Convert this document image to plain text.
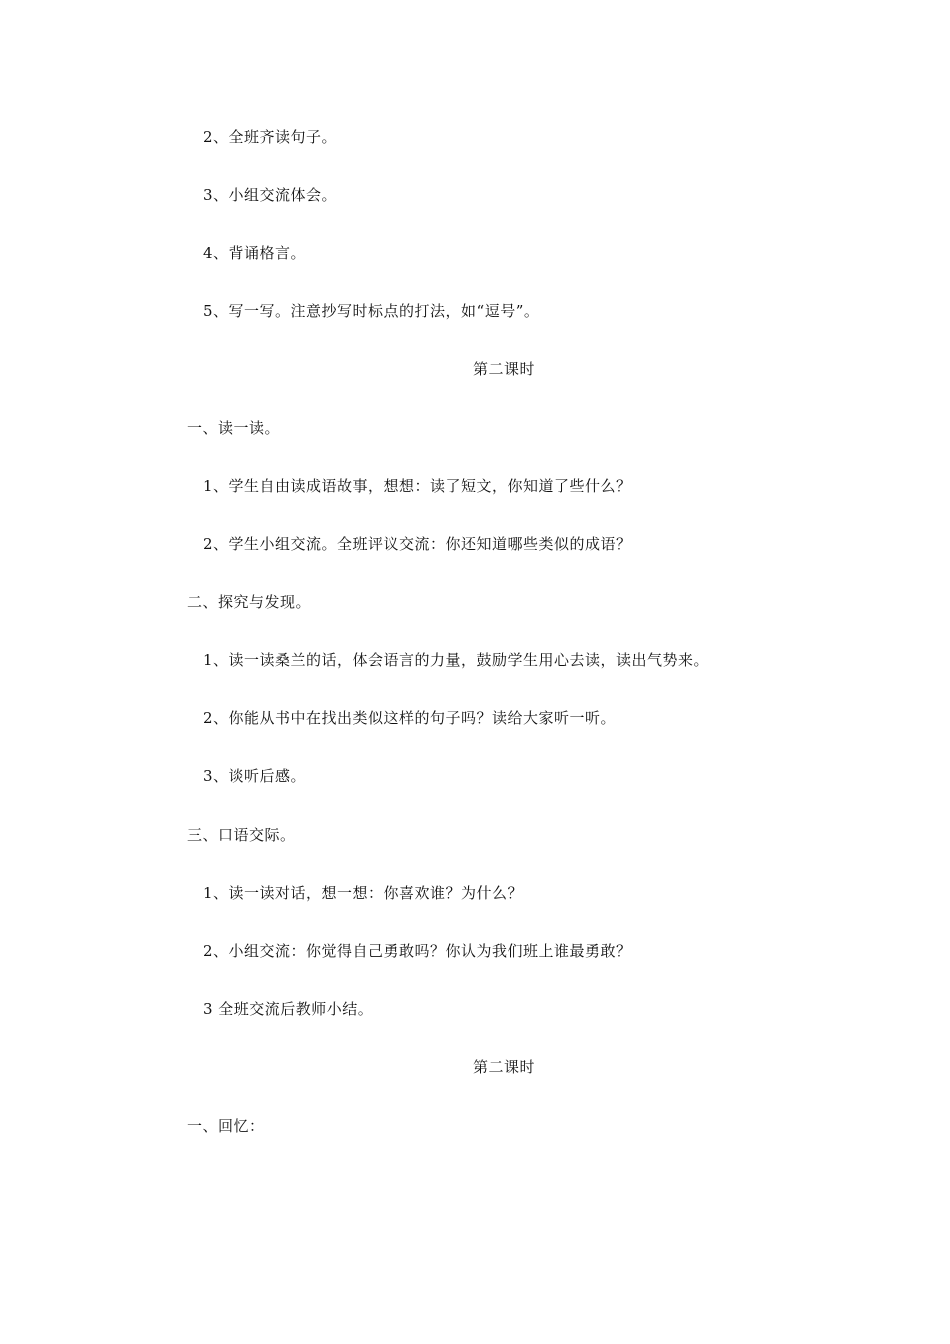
2、全班齐读句子。
3、小组交流体会。
4、背诵格言。
5、写一写。注意抄写时标点的打法，如“逗号”。
第二课时
一、读一读。
1、学生自由读成语故事，想想：读了短文，你知道了些什么？
2、学生小组交流。全班评议交流：你还知道哪些类似的成语？
二、探究与发现。
1、读一读桑兰的话，体会语言的力量，鼓励学生用心去读，读出气势来。
2、你能从书中在找出类似这样的句子吗？读给大家听一听。
3、谈听后感。
三、口语交际。
1、读一读对话，想一想：你喜欢谁？为什么？
2、小组交流：你觉得自己勇敢吗？你认为我们班上谁最勇敢？
3 全班交流后教师小结。
第二课时
一、回忆：
